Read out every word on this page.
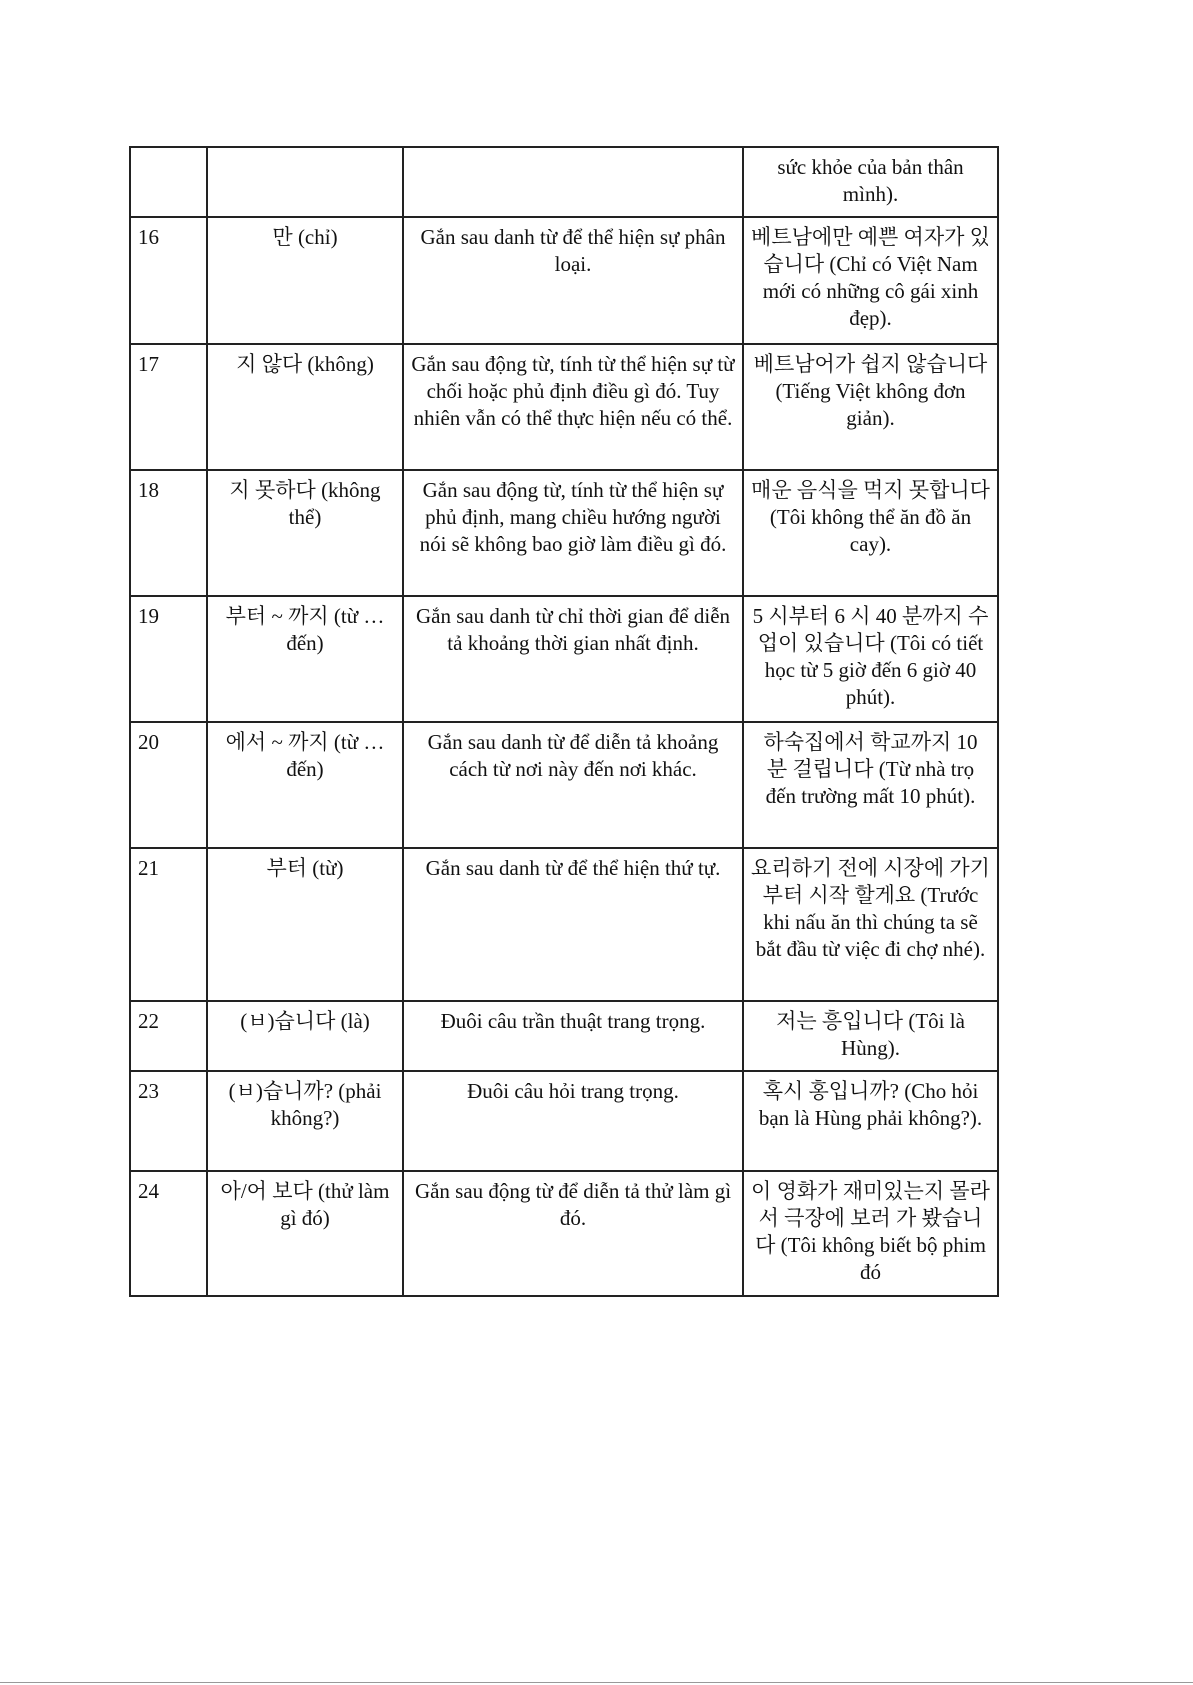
			sức khỏe của bản thân mình).
16	만 (chỉ)	Gắn sau danh từ để thể hiện sự phân loại.	베트남에만 예쁜 여자가 있습니다 (Chỉ có Việt Nam mới có những cô gái xinh đẹp).
17	지 않다 (không)	Gắn sau động từ, tính từ thể hiện sự từ chối hoặc phủ định điều gì đó. Tuy nhiên vẫn có thể thực hiện nếu có thể.	베트남어가 쉽지 않습니다 (Tiếng Việt không đơn giản).
18	지 못하다 (không thể)	Gắn sau động từ, tính từ thể hiện sự phủ định, mang chiều hướng người nói sẽ không bao giờ làm điều gì đó.	매운 음식을 먹지 못합니다 (Tôi không thể ăn đồ ăn cay).
19	부터 ~ 까지 (từ … đến)	Gắn sau danh từ chỉ thời gian để diễn tả khoảng thời gian nhất định.	5 시부터 6 시 40 분까지 수업이 있습니다 (Tôi có tiết học từ 5 giờ đến 6 giờ 40 phút).
20	에서 ~ 까지 (từ … đến)	Gắn sau danh từ để diễn tả khoảng cách từ nơi này đến nơi khác.	하숙집에서 학교까지 10 분 걸립니다 (Từ nhà trọ đến trường mất 10 phút).
21	부터 (từ)	Gắn sau danh từ để thể hiện thứ tự.	요리하기 전에 시장에 가기부터 시작 할게요 (Trước khi nấu ăn thì chúng ta sẽ bắt đầu từ việc đi chợ nhé).
22	(ㅂ)습니다 (là)	Đuôi câu trần thuật trang trọng.	저는 흥입니다 (Tôi là Hùng).
23	(ㅂ)습니까? (phải không?)	Đuôi câu hỏi trang trọng.	혹시 홍입니까? (Cho hỏi bạn là Hùng phải không?).
24	아/어 보다 (thử làm gì đó)	Gắn sau động từ để diễn tả thử làm gì đó.	이 영화가 재미있는지 몰라서 극장에 보러 가 봤습니다 (Tôi không biết bộ phim đó
